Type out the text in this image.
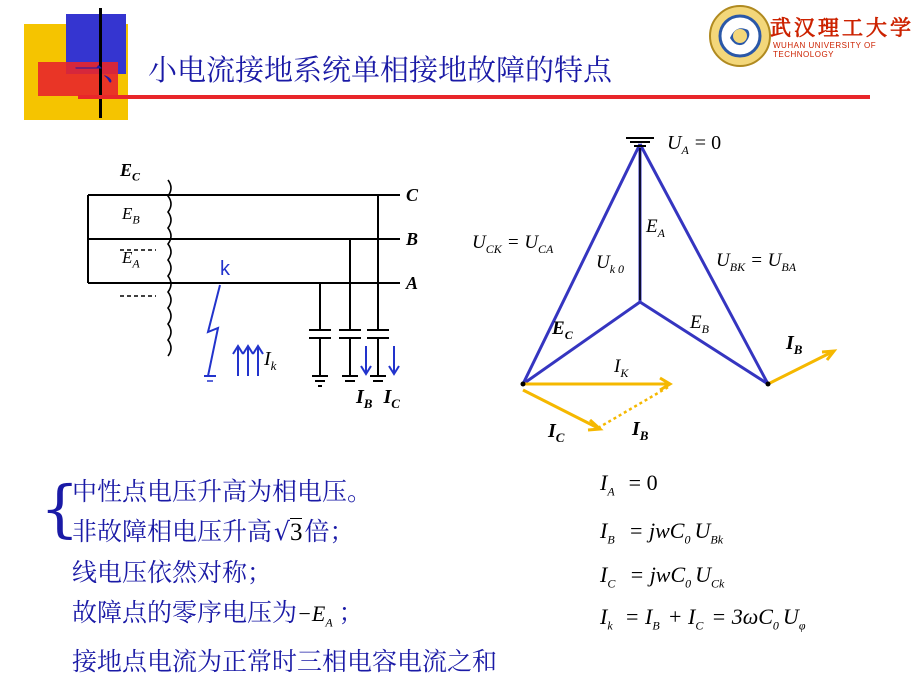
一、 小电流接地系统单相接地故障的特点
武汉理工大学
WUHAN UNIVERSITY OF TECHNOLOGY
C
B
A
$E_C$
$E_B$
$E_A$	k
$I_k$
$I_B$ $I_C$
$U_A = 0$
$E_A$
$U_{k 0}$
$U_{CK} = U_{CA}$
$U_{BK} = U_{BA}$
$E_C$
$E_B$
$I_K$
$I_B$
$I_C$	$I_B$
{
中性点电压升高为相电压。
非故障相电压升高√3倍；
线电压依然对称；
故障点的零序电压为$-E_A$ ；
接地点电流为正常时三相电容电流之和
$I_A = 0$
$I_B = jwC_0$ $U_{Bk}$
$I_C = jwC_0$ $U_{Ck}$
$I_k = I_B + I_C = 3\omega C_0$ $U_\varphi$
